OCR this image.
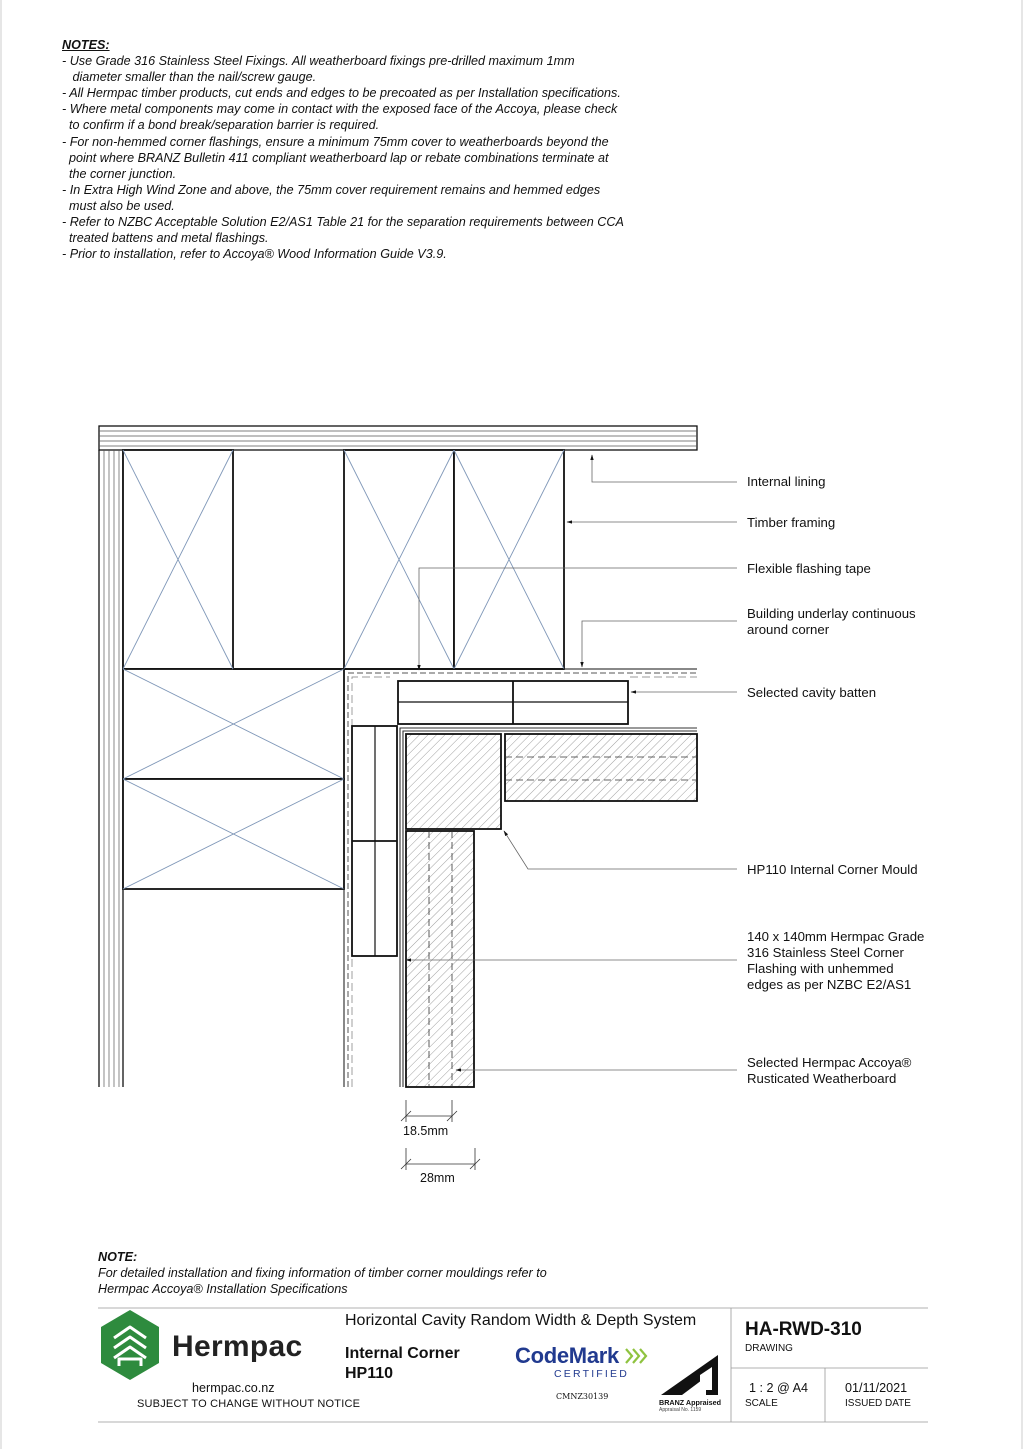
NOTES:
- Use Grade 316 Stainless Steel Fixings. All weatherboard fixings pre-drilled maximum 1mm
diameter smaller than the nail/screw gauge.
- All Hermpac timber products, cut ends and edges to be precoated as per Installation specifications.
- Where metal components may come in contact with the exposed face of the Accoya, please check
to confirm if a bond break/separation barrier is required.
- For non-hemmed corner flashings, ensure a minimum 75mm cover to weatherboards beyond the
point where BRANZ Bulletin 411 compliant weatherboard lap or rebate combinations terminate at
the corner junction.
- In Extra High Wind Zone and above, the 75mm cover requirement remains and hemmed edges
must also be used.
- Refer to NZBC Acceptable Solution E2/AS1 Table 21 for the separation requirements between CCA
treated battens and metal flashings.
- Prior to installation, refer to Accoya® Wood Information Guide V3.9.
Internal lining
Timber framing
Flexible flashing tape
Building underlay continuous
around corner
Selected cavity batten
HP110 Internal Corner Mould
140 x 140mm Hermpac Grade
316 Stainless Steel Corner
Flashing with unhemmed
edges as per NZBC E2/AS1
Selected Hermpac Accoya®
Rusticated Weatherboard
18.5mm
28mm
NOTE:
For detailed installation and fixing information of timber corner mouldings refer to
Hermpac Accoya® Installation Specifications
Hermpac
hermpac.co.nz
SUBJECT TO CHANGE WITHOUT NOTICE
Horizontal Cavity Random Width & Depth System
Internal Corner
HP110
CodeMark
CERTIFIED
CMNZ30139
BRANZ Appraised
Appraisal No. 1159
HA-RWD-310
DRAWING
1 : 2 @ A4
SCALE
01/11/2021
ISSUED DATE
